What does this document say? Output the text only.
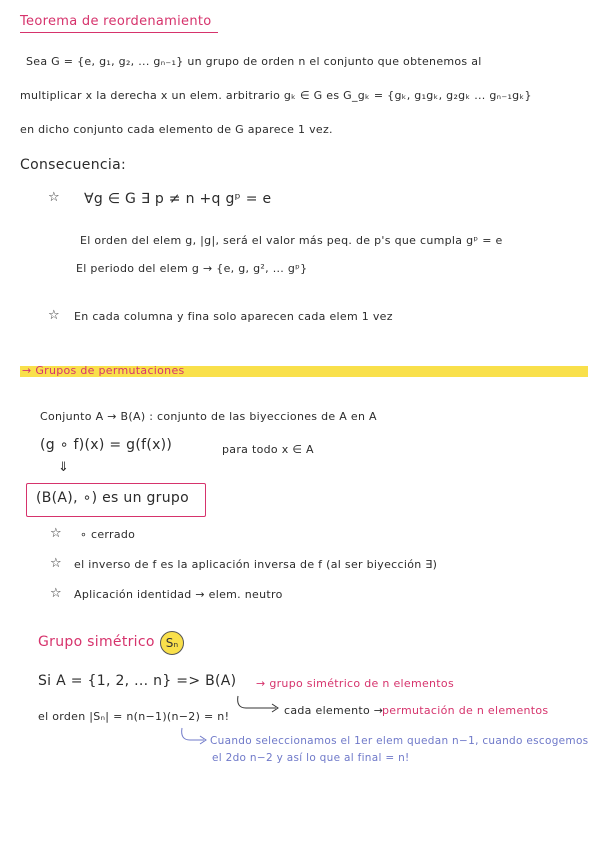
Teorema de reordenamiento
Sea G = {e, g₁, g₂, ... gₙ₋₁} un grupo de orden n el conjunto que obtenemos al
multiplicar x la derecha x un elem. arbitrario gₖ ∈ G es G_gₖ = {gₖ, g₁gₖ, g₂gₖ ... gₙ₋₁gₖ}
en dicho conjunto cada elemento de G aparece 1 vez.
Consecuencia:
☆ ∀g ∈ G ∃ p ≠ n +q gᵖ = e
El orden del elem g, |g|, será el valor más peq. de p's que cumpla gᵖ = e
El periodo del elem g → {e, g, g², ... gᵖ}
☆ En cada columna y fina solo aparecen cada elem 1 vez
→ Grupos de permutaciones
Conjunto A → B(A) : conjunto de las biyecciones de A en A
(g ∘ f)(x) = g(f(x))	para todo x ∈ A
⇓
(B(A), ∘) es un grupo
☆ ∘ cerrado
☆ el inverso de f es la aplicación inversa de f (al ser biyección ∃)
☆ Aplicación identidad → elem. neutro
Grupo simétrico Sₙ
Si A = {1, 2, ... n} => B(A) → grupo simétrico de n elementos
el orden |Sₙ| = n(n−1)(n−2) = n!	cada elemento →
permutación de n elementos
Cuando seleccionamos el 1er elem quedan n−1, cuando escogemos
el 2do n−2 y así lo que al final = n!
